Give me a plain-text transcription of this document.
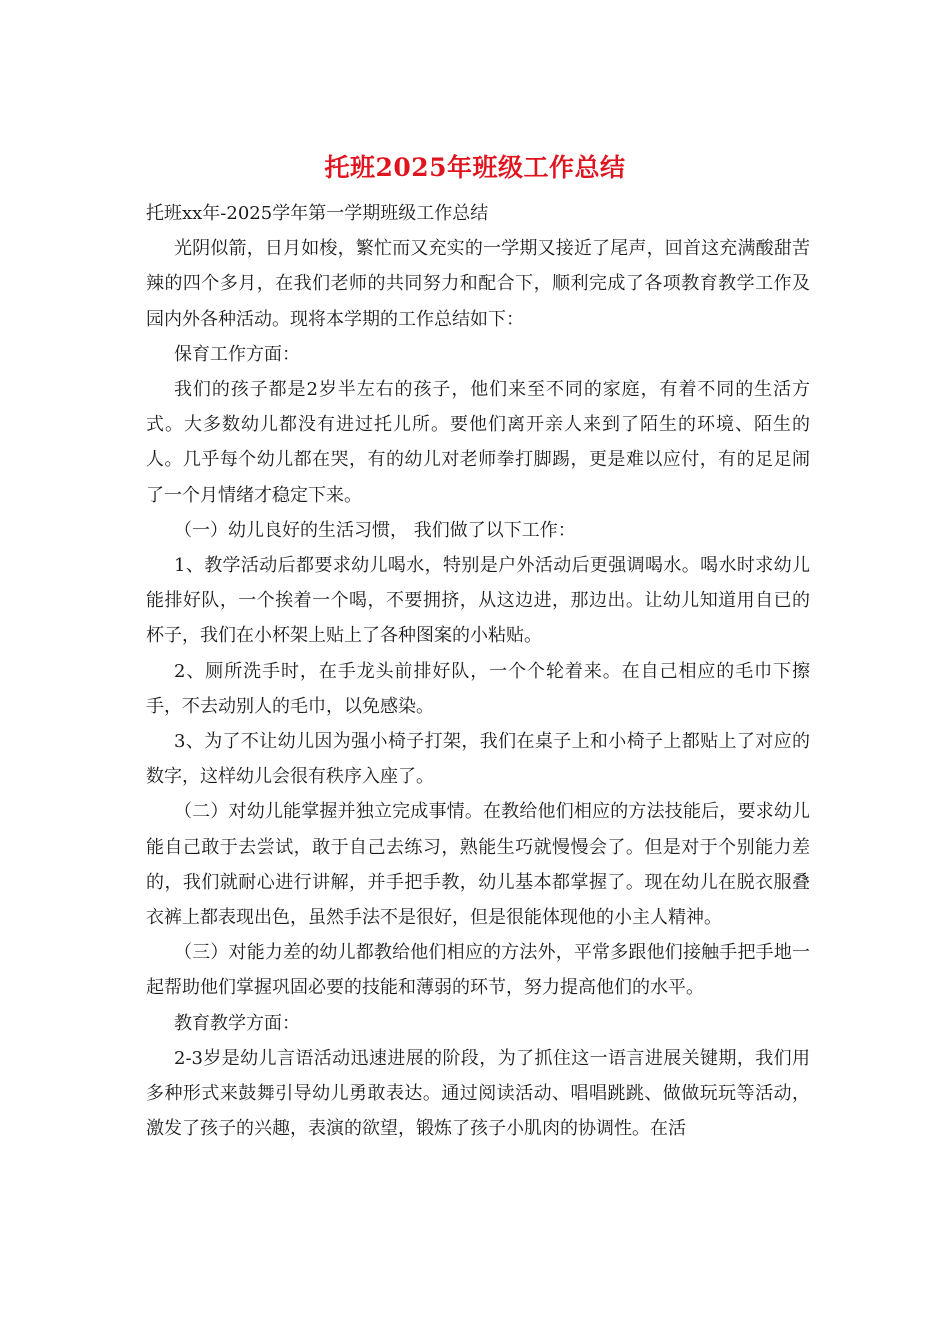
托班2025年班级工作总结

托班xx年-2025学年第一学期班级工作总结

光阴似箭，日月如梭，繁忙而又充实的一学期又接近了尾声，回首这充满酸甜苦辣的四个多月，在我们老师的共同努力和配合下，顺利完成了各项教育教学工作及园内外各种活动。现将本学期的工作总结如下：

保育工作方面：

我们的孩子都是2岁半左右的孩子，他们来至不同的家庭，有着不同的生活方式。大多数幼儿都没有进过托儿所。要他们离开亲人来到了陌生的环境、陌生的人。几乎每个幼儿都在哭，有的幼儿对老师拳打脚踢，更是难以应付，有的足足闹了一个月情绪才稳定下来。

（一）幼儿良好的生活习惯， 我们做了以下工作：

1、教学活动后都要求幼儿喝水，特别是户外活动后更强调喝水。喝水时求幼儿能排好队，一个挨着一个喝，不要拥挤，从这边进，那边出。让幼儿知道用自已的杯子，我们在小杯架上贴上了各种图案的小粘贴。

2、厕所洗手时，在手龙头前排好队，一个个轮着来。在自己相应的毛巾下擦手，不去动别人的毛巾，以免感染。

3、为了不让幼儿因为强小椅子打架，我们在桌子上和小椅子上都贴上了对应的数字，这样幼儿会很有秩序入座了。

（二）对幼儿能掌握并独立完成事情。在教给他们相应的方法技能后，要求幼儿能自己敢于去尝试，敢于自己去练习，熟能生巧就慢慢会了。但是对于个别能力差的，我们就耐心进行讲解，并手把手教，幼儿基本都掌握了。现在幼儿在脱衣服叠衣裤上都表现出色，虽然手法不是很好，但是很能体现他的小主人精神。

（三）对能力差的幼儿都教给他们相应的方法外，平常多跟他们接触手把手地一起帮助他们掌握巩固必要的技能和薄弱的环节，努力提高他们的水平。

教育教学方面：

2-3岁是幼儿言语活动迅速进展的阶段，为了抓住这一语言进展关键期，我们用多种形式来鼓舞引导幼儿勇敢表达。通过阅读活动、唱唱跳跳、做做玩玩等活动，激发了孩子的兴趣，表演的欲望，锻炼了孩子小肌肉的协调性。在活
